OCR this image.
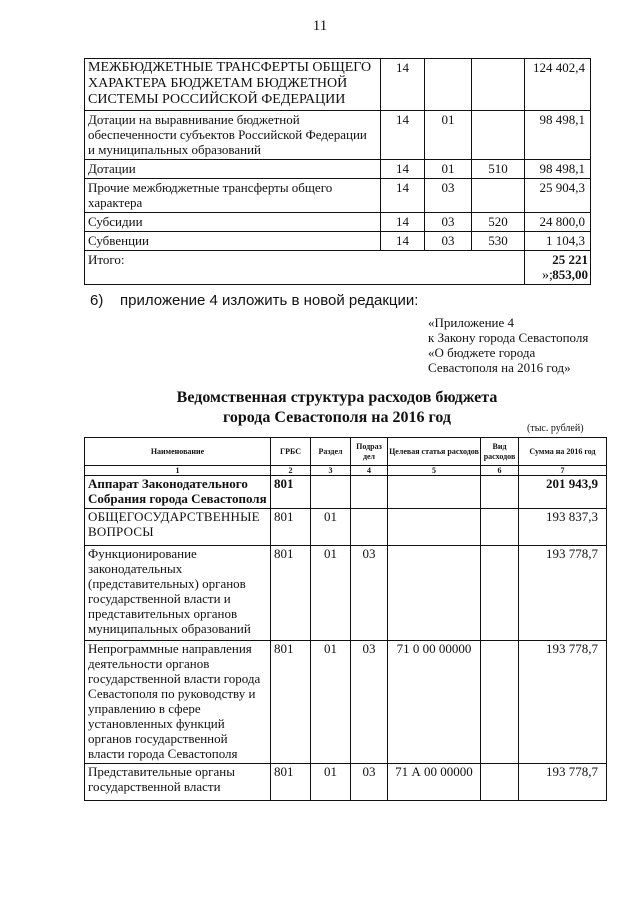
11
МЕЖБЮДЖЕТНЫЕ ТРАНСФЕРТЫ ОБЩЕГО ХАРАКТЕРА БЮДЖЕТАМ БЮДЖЕТНОЙ СИСТЕМЫ РОССИЙСКОЙ ФЕДЕРАЦИИ	14			124 402,4
Дотации на выравнивание бюджетной обеспеченности субъектов Российской Федерации и муниципальных образований	14	01		98 498,1
Дотации	14	01	510	98 498,1
Прочие межбюджетные трансферты общего характера	14	03		25 904,3
Субсидии	14	03	520	24 800,0
Субвенции	14	03	530	1 104,3
Итого:				25 221 853,00
»;
6) приложение 4 изложить в новой редакции:
«Приложение 4
к Закону города Севастополя
«О бюджете города
Севастополя на 2016 год»
Ведомственная структура расходов бюджета
города Севастополя на 2016 год
(тыс. рублей)
Наименование	ГРБС	Раздел	Подраз дел	Целевая статья расходов	Вид расходов	Сумма на 2016 год
1	2	3	4	5	6	7
Аппарат Законодательного Собрания города Севастополя	801					201 943,9
ОБЩЕГОСУДАРСТВЕННЫЕ ВОПРОСЫ	801	01				193 837,3
Функционирование законодательных (представительных) органов государственной власти и представительных органов муниципальных образований	801	01	03			193 778,7
Непрограммные направления деятельности органов государственной власти города Севастополя по руководству и управлению в сфере установленных функций органов государственной власти города Севастополя	801	01	03	71 0 00 00000		193 778,7
Представительные органы государственной власти	801	01	03	71 А 00 00000		193 778,7
